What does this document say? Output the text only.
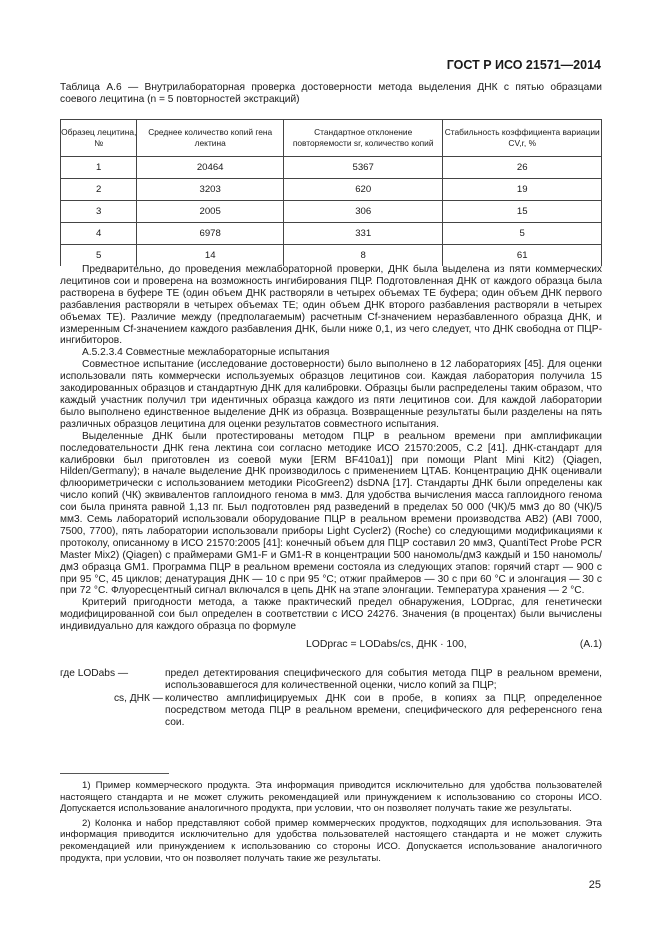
ГОСТ Р ИСО 21571—2014
Таблица А.6 — Внутрилабораторная проверка достоверности метода выделения ДНК с пятью образцами соевого лецитина (n = 5 повторностей экстракций)
Образец лецитина, №	Среднее количество копий гена лектина	Стандартное отклонение повторяемости sr, количество копий	Стабильность коэффициента вариации CV,r, %
1	20464	5367	26
2	3203	620	19
3	2005	306	15
4	6978	331	5
5	14	8	61

Предварительно, до проведения межлабораторной проверки, ДНК была выделена из пяти коммерческих лецитинов сои и проверена на возможность ингибирования ПЦР. Подготовленная ДНК от каждого образца была растворена в буфере ТЕ (один объем ДНК растворяли в четырех объемах ТЕ буфера; один объем ДНК первого разбавления растворяли в четырех объемах ТЕ; один объем ДНК второго разбавления растворяли в четырех объемах ТЕ). Различие между (предполагаемым) расчетным Cf-значением неразбавленного образца ДНК, и измеренным Cf-значением каждого разбавления ДНК, были ниже 0,1, из чего следует, что ДНК свободна от ПЦР-ингибиторов.

А.5.2.3.4 Совместные межлабораторные испытания

Совместное испытание (исследование достоверности) было выполнено в 12 лабораториях [45]. Для оценки использовали пять коммерчески используемых образцов лецитинов сои. Каждая лаборатория получила 15 закодированных образцов и стандартную ДНК для калибровки. Образцы были распределены таким образом, что каждый участник получил три идентичных образца каждого из пяти лецитинов сои. Для каждой лаборатории было выполнено единственное выделение ДНК из образца. Возвращенные результаты были разделены на пять различных образцов лецитина для оценки результатов совместного испытания.

Выделенные ДНК были протестированы методом ПЦР в реальном времени при амплификации последовательности ДНК гена лектина сои согласно методике ИСО 21570:2005, С.2 [41]. ДНК-стандарт для калибровки был приготовлен из соевой муки [ERM BF410a1)] при помощи Plant Mini Kit2) (Qiagen, Hilden/Germany); в начале выделение ДНК производилось с применением ЦТАБ. Концентрацию ДНК оценивали флюориметрически с использованием методики PicoGreen2) dsDNA [17]. Стандарты ДНК были определены как число копий (ЧК) эквивалентов гаплоидного генома в мм3. Для удобства вычисления масса гаплоидного генома сои была принята равной 1,13 пг. Был подготовлен ряд разведений в пределах 50 000 (ЧК)/5 мм3 до 80 (ЧК)/5 мм3. Семь лабораторий использовали оборудование ПЦР в реальном времени производства АВ2) (ABI 7000, 7500, 7700), пять лаборатории использовали приборы Light Cycler2) (Roche) со следующими модификациями к протоколу, описанному в ИСО 21570:2005 [41]: конечный объем для ПЦР составил 20 мм3, QuantiTect Probe PCR Master Mix2) (Qiagen) с праймерами GM1-F и GM1-R в концентрации 500 наномоль/дм3 каждый и 150 наномоль/дм3 образца GM1. Программа ПЦР в реальном времени состояла из следующих этапов: горячий старт — 900 с при 95 °С, 45 циклов; денатурация ДНК — 10 с при 95 °С; отжиг праймеров — 30 с при 60 °С и элонгация — 30 с при 72 °С. Флуоресцентный сигнал включался в цепь ДНК на этапе элонгации. Температура хранения — 2 °С.

Критерий пригодности метода, а также практический предел обнаружения, LODprac, для генетически модифицированной сои был определен в соответствии с ИСО 24276. Значения (в процентах) были вычислены индивидуально для каждого образца по формуле

LODprac = LODabs/cs, ДНК · 100,	(А.1)
где LODabs —	предел детектирования специфического для события метода ПЦР в реальном времени, использовавшегося для количественной оценки, число копий за ПЦР;
cs, ДНК — количество амплифицируемых ДНК сои в пробе, в копиях за ПЦР, определенное посредством метода ПЦР в реальном времени, специфического для референсного гена сои.

1) Пример коммерческого продукта. Эта информация приводится исключительно для удобства пользователей настоящего стандарта и не может служить рекомендацией или принуждением к использованию со стороны ИСО. Допускается использование аналогичного продукта, при условии, что он позволяет получать такие же результаты.

2) Колонка и набор представляют собой пример коммерческих продуктов, подходящих для использования. Эта информация приводится исключительно для удобства пользователей настоящего стандарта и не может служить рекомендацией или принуждением к использованию со стороны ИСО. Допускается использование аналогичного продукта, при условии, что он позволяет получать такие же результаты.

25
